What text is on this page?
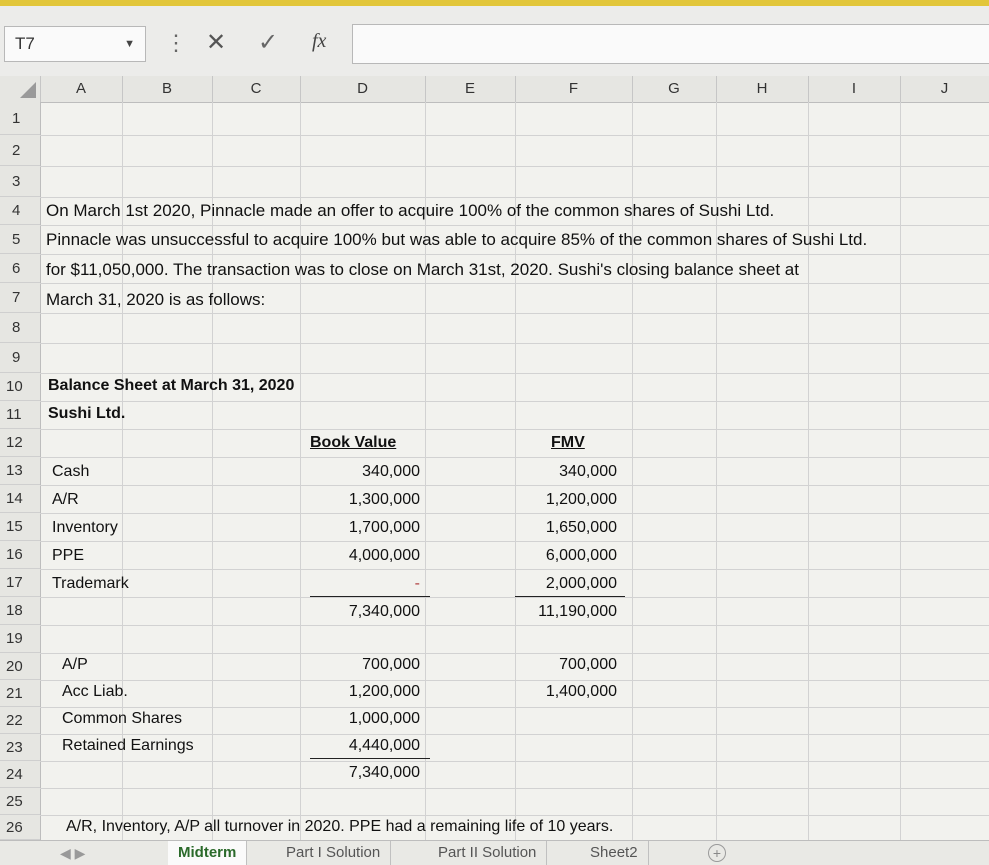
T7	▼ ⋮ ✕ ✓ fx
A	B	C	D	E	F	G	H	I	J
1
2
3
4
5
6
7
8
9
10
11
12
13
14
15
16
17
18
19
20
21
22
23
24
25
26
On March 1st 2020, Pinnacle made an offer to acquire 100% of the common shares of Sushi Ltd.
Pinnacle was unsuccessful to acquire 100% but was able to acquire 85% of the common shares of Sushi Ltd.
for $11,050,000. The transaction was to close on March 31st, 2020. Sushi's closing balance sheet at
March 31, 2020 is as follows:
Balance Sheet at March 31, 2020
Sushi Ltd.
Book Value	FMV
Cash	340,000	340,000
A/R	1,300,000	1,200,000
Inventory	1,700,000	1,650,000
PPE	4,000,000	6,000,000
Trademark	-	2,000,000
7,340,000	11,190,000
A/P	700,000	700,000
Acc Liab.	1,200,000	1,400,000
Common Shares	1,000,000
Retained Earnings	4,440,000
7,340,000
A/R, Inventory, A/P all turnover in 2020. PPE had a remaining life of 10 years.
◀ ▶	Midterm	Part I Solution	Part II Solution	Sheet2	+
